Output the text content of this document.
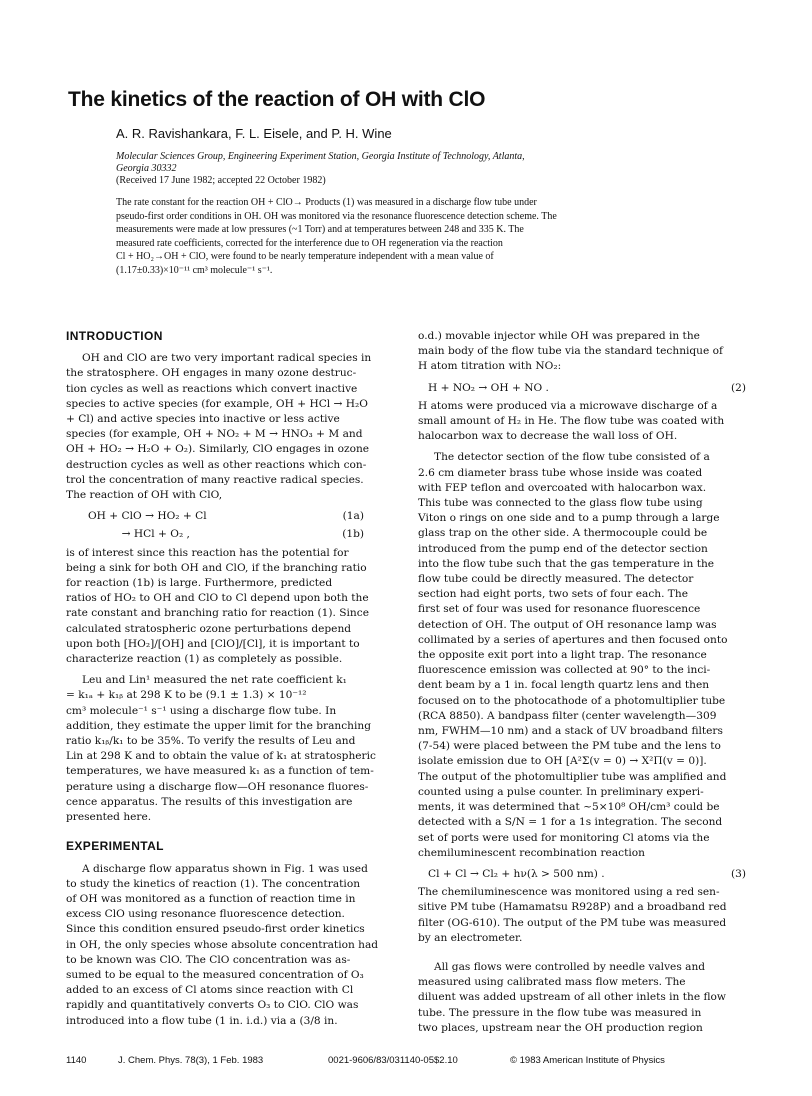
The kinetics of the reaction of OH with ClO
A. R. Ravishankara, F. L. Eisele, and P. H. Wine
Molecular Sciences Group, Engineering Experiment Station, Georgia Institute of Technology, Atlanta,
Georgia 30332
(Received 17 June 1982; accepted 22 October 1982)
The rate constant for the reaction OH + ClO→ Products (1) was measured in a discharge flow tube under
pseudo-first order conditions in OH. OH was monitored via the resonance fluorescence detection scheme. The
measurements were made at low pressures (~1 Torr) and at temperatures between 248 and 335 K. The
measured rate coefficients, corrected for the interference due to OH regeneration via the reaction
Cl + HO₂→OH + ClO, were found to be nearly temperature independent with a mean value of
(1.17±0.33)×10⁻¹¹ cm³ molecule⁻¹ s⁻¹.
INTRODUCTION

OH and ClO are two very important radical species in
the stratosphere. OH engages in many ozone destruc-
tion cycles as well as reactions which convert inactive
species to active species (for example, OH + HCl → H₂O
+ Cl) and active species into inactive or less active
species (for example, OH + NO₂ + M → HNO₃ + M and
OH + HO₂ → H₂O + O₂). Similarly, ClO engages in ozone
destruction cycles as well as other reactions which con-
trol the concentration of many reactive radical species.
The reaction of OH with ClO,

OH + ClO → HO₂ + Cl	(1a)
→ HCl + O₂ ,	(1b)

is of interest since this reaction has the potential for
being a sink for both OH and ClO, if the branching ratio
for reaction (1b) is large. Furthermore, predicted
ratios of HO₂ to OH and ClO to Cl depend upon both the
rate constant and branching ratio for reaction (1). Since
calculated stratospheric ozone perturbations depend
upon both [HO₂]/[OH] and [ClO]/[Cl], it is important to
characterize reaction (1) as completely as possible.

Leu and Lin¹ measured the net rate coefficient k₁
= k₁ₐ + k₁ᵦ at 298 K to be (9.1 ± 1.3) × 10⁻¹²
cm³ molecule⁻¹ s⁻¹ using a discharge flow tube. In
addition, they estimate the upper limit for the branching
ratio k₁ᵦ/k₁ to be 35%. To verify the results of Leu and
Lin at 298 K and to obtain the value of k₁ at stratospheric
temperatures, we have measured k₁ as a function of tem-
perature using a discharge flow—OH resonance fluores-
cence apparatus. The results of this investigation are
presented here.

EXPERIMENTAL

A discharge flow apparatus shown in Fig. 1 was used
to study the kinetics of reaction (1). The concentration
of OH was monitored as a function of reaction time in
excess ClO using resonance fluorescence detection.
Since this condition ensured pseudo-first order kinetics
in OH, the only species whose absolute concentration had
to be known was ClO. The ClO concentration was as-
sumed to be equal to the measured concentration of O₃
added to an excess of Cl atoms since reaction with Cl
rapidly and quantitatively converts O₃ to ClO. ClO was
introduced into a flow tube (1 in. i.d.) via a (3/8 in.

o.d.) movable injector while OH was prepared in the
main body of the flow tube via the standard technique of
H atom titration with NO₂:

H + NO₂ → OH + NO .	(2)

H atoms were produced via a microwave discharge of a
small amount of H₂ in He. The flow tube was coated with
halocarbon wax to decrease the wall loss of OH.

The detector section of the flow tube consisted of a
2.6 cm diameter brass tube whose inside was coated
with FEP teflon and overcoated with halocarbon wax.
This tube was connected to the glass flow tube using
Viton o rings on one side and to a pump through a large
glass trap on the other side. A thermocouple could be
introduced from the pump end of the detector section
into the flow tube such that the gas temperature in the
flow tube could be directly measured. The detector
section had eight ports, two sets of four each. The
first set of four was used for resonance fluorescence
detection of OH. The output of OH resonance lamp was
collimated by a series of apertures and then focused onto
the opposite exit port into a light trap. The resonance
fluorescence emission was collected at 90° to the inci-
dent beam by a 1 in. focal length quartz lens and then
focused on to the photocathode of a photomultiplier tube
(RCA 8850). A bandpass filter (center wavelength—309
nm, FWHM—10 nm) and a stack of UV broadband filters
(7-54) were placed between the PM tube and the lens to
isolate emission due to OH [A²Σ(v = 0) → X²Π(v = 0)].
The output of the photomultiplier tube was amplified and
counted using a pulse counter. In preliminary experi-
ments, it was determined that ~5×10⁸ OH/cm³ could be
detected with a S/N = 1 for a 1s integration. The second
set of ports were used for monitoring Cl atoms via the
chemiluminescent recombination reaction

Cl + Cl → Cl₂ + hν(λ > 500 nm) .	(3)

The chemiluminescence was monitored using a red sen-
sitive PM tube (Hamamatsu R928P) and a broadband red
filter (OG-610). The output of the PM tube was measured
by an electrometer.

All gas flows were controlled by needle valves and
measured using calibrated mass flow meters. The
diluent was added upstream of all other inlets in the flow
tube. The pressure in the flow tube was measured in
two places, upstream near the OH production region

1140	J. Chem. Phys. 78(3), 1 Feb. 1983	0021-9606/83/031140-05$2.10	© 1983 American Institute of Physics
